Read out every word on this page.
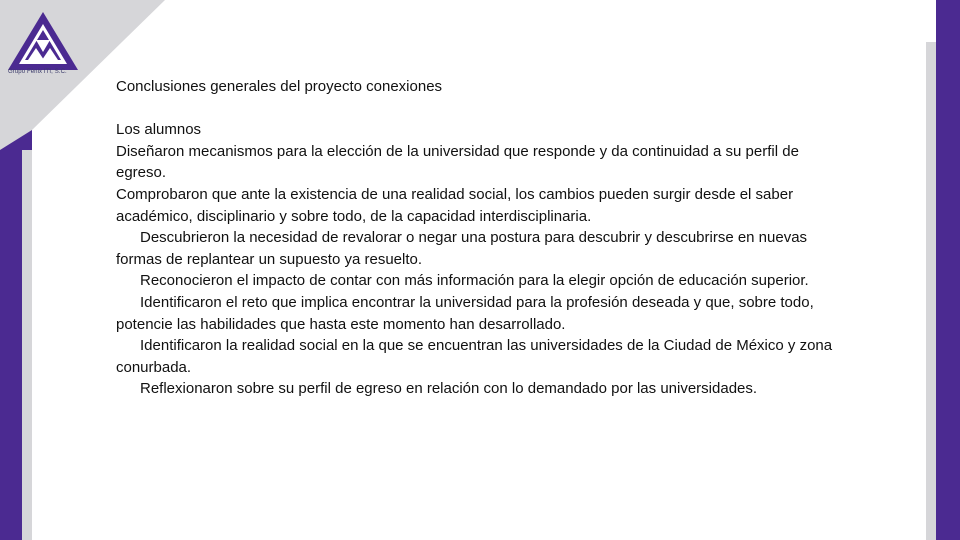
Grupo Fénix ITI, S.C.

Conclusiones generales del proyecto conexiones

Los alumnos

Diseñaron mecanismos para la elección de la universidad que responde y da continuidad a su perfil de egreso.

Comprobaron que ante la existencia de una realidad social, los cambios pueden surgir desde el saber académico, disciplinario y sobre todo, de la capacidad interdisciplinaria.

Descubrieron la necesidad de revalorar o negar una postura para descubrir y descubrirse en nuevas formas de replantear un supuesto ya resuelto.

Reconocieron el impacto de contar con más información para la elegir opción de educación superior.

Identificaron el reto que implica encontrar la universidad para la profesión deseada y que, sobre todo, potencie las habilidades que hasta este momento han desarrollado.

Identificaron la realidad social en la que se encuentran las universidades de la Ciudad de México y zona conurbada.

Reflexionaron sobre su perfil de egreso en relación con lo demandado por las universidades.
